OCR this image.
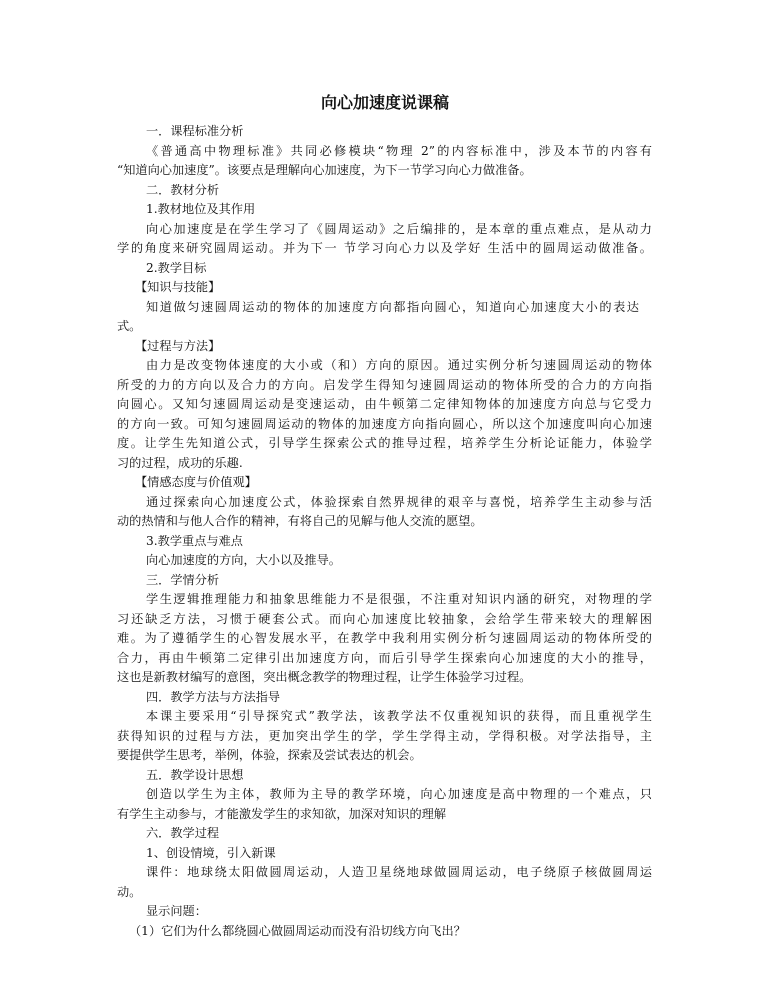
向心加速度说课稿
一．课程标准分析
《普通高中物理标准》共同必修模块“物理 2”的内容标准中，涉及本节的内容有
“知道向心加速度”。该要点是理解向心加速度，为下一节学习向心力做准备。
二．教材分析
1.教材地位及其作用
向心加速度是在学生学习了《圆周运动》之后编排的，是本章的重点难点，是从动力
学的角度来研究圆周运动。并为下一 节学习向心力以及学好 生活中的圆周运动做准备。
2.教学目标
【知识与技能】
知道做匀速圆周运动的物体的加速度方向都指向圆心，知道向心加速度大小的表达
式。
【过程与方法】
由力是改变物体速度的大小或（和）方向的原因。通过实例分析匀速圆周运动的物体
所受的力的方向以及合力的方向。启发学生得知匀速圆周运动的物体所受的合力的方向指
向圆心。又知匀速圆周运动是变速运动，由牛顿第二定律知物体的加速度方向总与它受力
的方向一致。可知匀速圆周运动的物体的加速度方向指向圆心，所以这个加速度叫向心加速
度。让学生先知道公式，引导学生探索公式的推导过程，培养学生分析论证能力，体验学
习的过程，成功的乐趣.
【情感态度与价值观】
通过探索向心加速度公式，体验探索自然界规律的艰辛与喜悦，培养学生主动参与活
动的热情和与他人合作的精神，有将自己的见解与他人交流的愿望。
3.教学重点与难点
向心加速度的方向，大小以及推导。
三．学情分析
学生逻辑推理能力和抽象思维能力不是很强，不注重对知识内涵的研究，对物理的学
习还缺乏方法，习惯于硬套公式。而向心加速度比较抽象，会给学生带来较大的理解困
难。为了遵循学生的心智发展水平，在教学中我利用实例分析匀速圆周运动的物体所受的
合力，再由牛顿第二定律引出加速度方向，而后引导学生探索向心加速度的大小的推导，
这也是新教材编写的意图，突出概念教学的物理过程，让学生体验学习过程。
四．教学方法与方法指导
本课主要采用“引导探究式”教学法，该教学法不仅重视知识的获得，而且重视学生
获得知识的过程与方法，更加突出学生的学，学生学得主动，学得积极。对学法指导，主
要提供学生思考，举例，体验，探索及尝试表达的机会。
五．教学设计思想
创造以学生为主体，教师为主导的教学环境，向心加速度是高中物理的一个难点，只
有学生主动参与，才能激发学生的求知欲，加深对知识的理解
六．教学过程
1、创设情境，引入新课
课件：地球绕太阳做圆周运动，人造卫星绕地球做圆周运动，电子绕原子核做圆周运
动。
显示问题：
（1）它们为什么都绕圆心做圆周运动而没有沿切线方向飞出？
